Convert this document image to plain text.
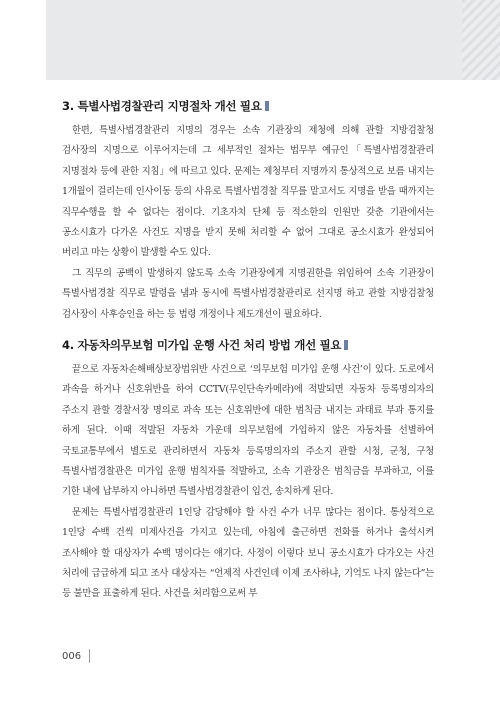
3. 특별사법경찰관리 지명절차 개선 필요

한편, 특별사법경찰관리 지명의 경우는 소속 기관장의 제청에 의해 관할 지방검찰청 검사장의 지명으로 이루어지는데 그 세부적인 절차는 법무부 예규인「특별사법경찰관리 지명절차 등에 관한 지침」에 따르고 있다. 문제는 제청부터 지명까지 통상적으로 보름 내지는 1개월이 걸리는데 인사이동 등의 사유로 특별사법경찰 직무를 맡고서도 지명을 받을 때까지는 직무수행을 할 수 없다는 점이다. 기초자치 단체 등 적소한의 인원만 갖춘 기관에서는 공소시효가 다가온 사건도 지명을 받지 못해 처리할 수 없어 그대로 공소시효가 완성되어 버리고 마는 상황이 발생할 수도 있다.

그 직무의 공백이 발생하지 않도록 소속 기관장에게 지명권한을 위임하여 소속 기관장이 특별사법경찰 직무로 발령을 냄과 동시에 특별사법경찰관리로 선지명 하고 관할 지방검찰청 검사장이 사후승인을 하는 등 법령 개정이나 제도개선이 필요하다.

4. 자동차의무보험 미가입 운행 사건 처리 방법 개선 필요

끝으로 자동차손해배상보장법위반 사건으로 ‘의무보험 미가입 운행 사건’이 있다. 도로에서 과속을 하거나 신호위반을 하여 CCTV(무인단속카메라)에 적발되면 자동차 등록명의자의 주소지 관할 경찰서장 명의로 과속 또는 신호위반에 대한 범칙금 내지는 과태료 부과 통지를 하게 된다. 이때 적발된 자동차 가운데 의무보험에 가입하지 않은 자동차를 선별하여 국토교통부에서 별도로 관리하면서 자동차 등록명의자의 주소지 관할 시청, 군청, 구청 특별사법경찰관은 미가입 운행 범칙자를 적발하고, 소속 기관장은 범칙금을 부과하고, 이를 기한 내에 납부하지 아니하면 특별사법경찰관이 입건, 송치하게 된다.

문제는 특별사법경찰관리 1인당 감당해야 할 사건 수가 너무 많다는 점이다. 통상적으로 1인당 수백 건씩 미제사건을 가지고 있는데, 아침에 출근하면 전화를 하거나 출석시켜 조사해야 할 대상자가 수백 명이다는 얘기다. 사정이 이렇다 보니 공소시효가 다가오는 사건 처리에 급급하게 되고 조사 대상자는 “언제적 사건인데 이제 조사하냐, 기억도 나지 않는다”는 등 불만을 표출하게 된다. 사건을 처리함으로써 부

006
